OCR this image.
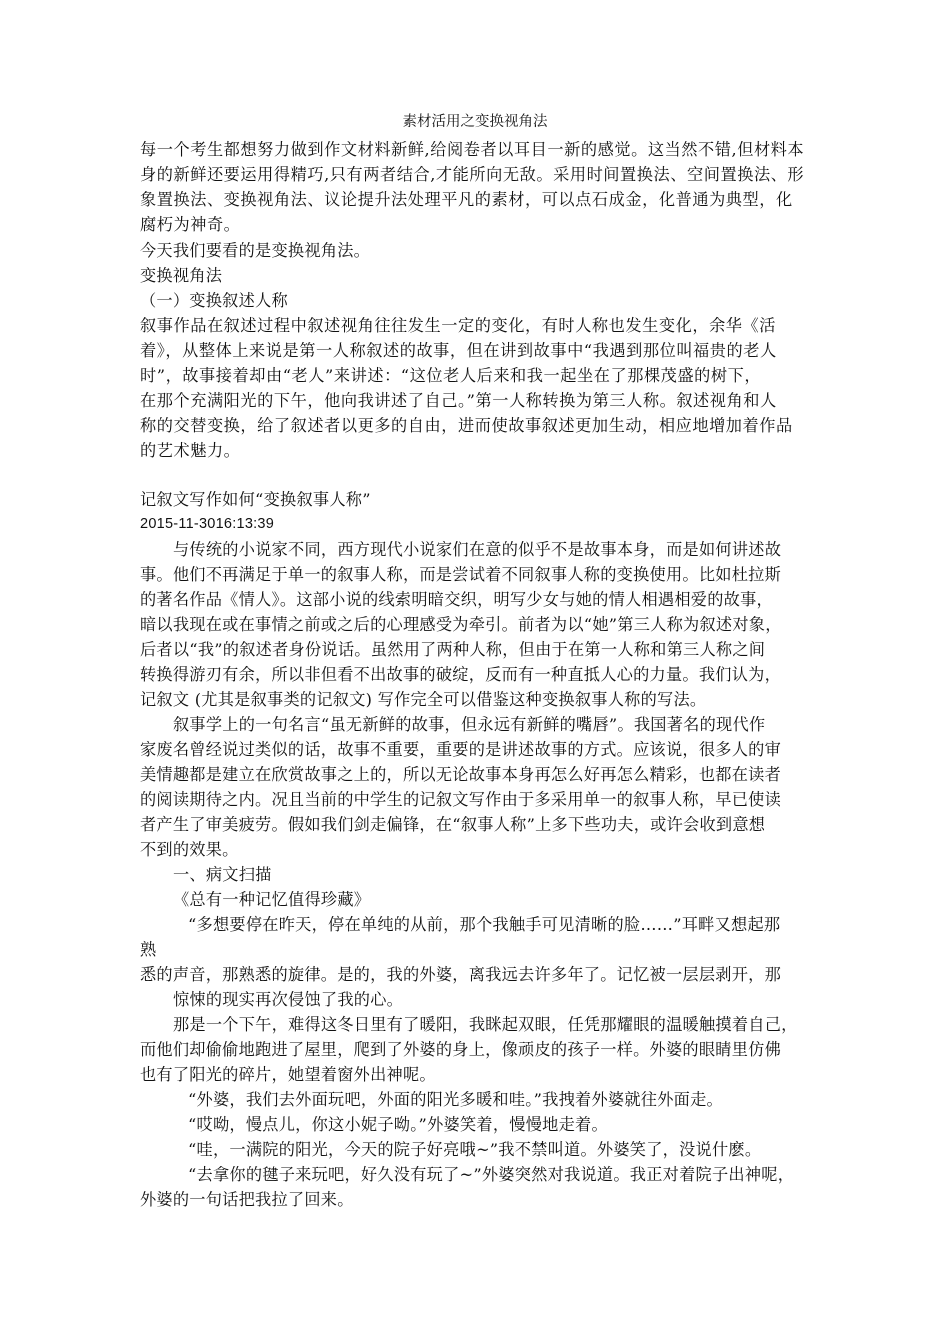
素材活用之变换视角法
每一个考生都想努力做到作文材料新鲜,给阅卷者以耳目一新的感觉。这当然不错,但材料本
身的新鲜还要运用得精巧,只有两者结合,才能所向无敌。采用时间置换法、空间置换法、形
象置换法、变换视角法、议论提升法处理平凡的素材，可以点石成金，化普通为典型，化
腐朽为神奇。
今天我们要看的是变换视角法。
变换视角法
（一）变换叙述人称
叙事作品在叙述过程中叙述视角往往发生一定的变化，有时人称也发生变化，余华《活
着》，从整体上来说是第一人称叙述的故事，但在讲到故事中“我遇到那位叫福贵的老人
时”，故事接着却由“老人”来讲述：“这位老人后来和我一起坐在了那棵茂盛的树下，
在那个充满阳光的下午，他向我讲述了自己。”第一人称转换为第三人称。叙述视角和人
称的交替变换，给了叙述者以更多的自由，进而使故事叙述更加生动，相应地增加着作品
的艺术魅力。
记叙文写作如何“变换叙事人称”
2015-11-3016:13:39
与传统的小说家不同，西方现代小说家们在意的似乎不是故事本身，而是如何讲述故
事。他们不再满足于单一的叙事人称，而是尝试着不同叙事人称的变换使用。比如杜拉斯
的著名作品《情人》。这部小说的线索明暗交织，明写少女与她的情人相遇相爱的故事，
暗以我现在或在事情之前或之后的心理感受为牵引。前者为以“她”第三人称为叙述对象，
后者以“我”的叙述者身份说话。虽然用了两种人称，但由于在第一人称和第三人称之间
转换得游刃有余，所以非但看不出故事的破绽，反而有一种直抵人心的力量。我们认为，
记叙文 (尤其是叙事类的记叙文) 写作完全可以借鉴这种变换叙事人称的写法。
叙事学上的一句名言“虽无新鲜的故事，但永远有新鲜的嘴唇”。我国著名的现代作
家废名曾经说过类似的话，故事不重要，重要的是讲述故事的方式。应该说，很多人的审
美情趣都是建立在欣赏故事之上的，所以无论故事本身再怎么好再怎么精彩，也都在读者
的阅读期待之内。况且当前的中学生的记叙文写作由于多采用单一的叙事人称，早已使读
者产生了审美疲劳。假如我们剑走偏锋，在“叙事人称”上多下些功夫，或许会收到意想
不到的效果。
一、病文扫描
《总有一种记忆值得珍藏》
“多想要停在昨天，停在单纯的从前，那个我触手可见清晰的脸……”耳畔又想起那
熟
悉的声音，那熟悉的旋律。是的，我的外婆，离我远去许多年了。记忆被一层层剥开，那
惊悚的现实再次侵蚀了我的心。
那是一个下午，难得这冬日里有了暖阳，我眯起双眼，任凭那耀眼的温暖触摸着自己，
而他们却偷偷地跑进了屋里，爬到了外婆的身上，像顽皮的孩子一样。外婆的眼睛里仿佛
也有了阳光的碎片，她望着窗外出神呢。
“外婆，我们去外面玩吧，外面的阳光多暖和哇。”我拽着外婆就往外面走。
“哎呦，慢点儿，你这小妮子呦。”外婆笑着，慢慢地走着。
“哇，一满院的阳光，今天的院子好亮哦~”我不禁叫道。外婆笑了，没说什麽。
“去拿你的毽子来玩吧，好久没有玩了~”外婆突然对我说道。我正对着院子出神呢，
外婆的一句话把我拉了回来。
